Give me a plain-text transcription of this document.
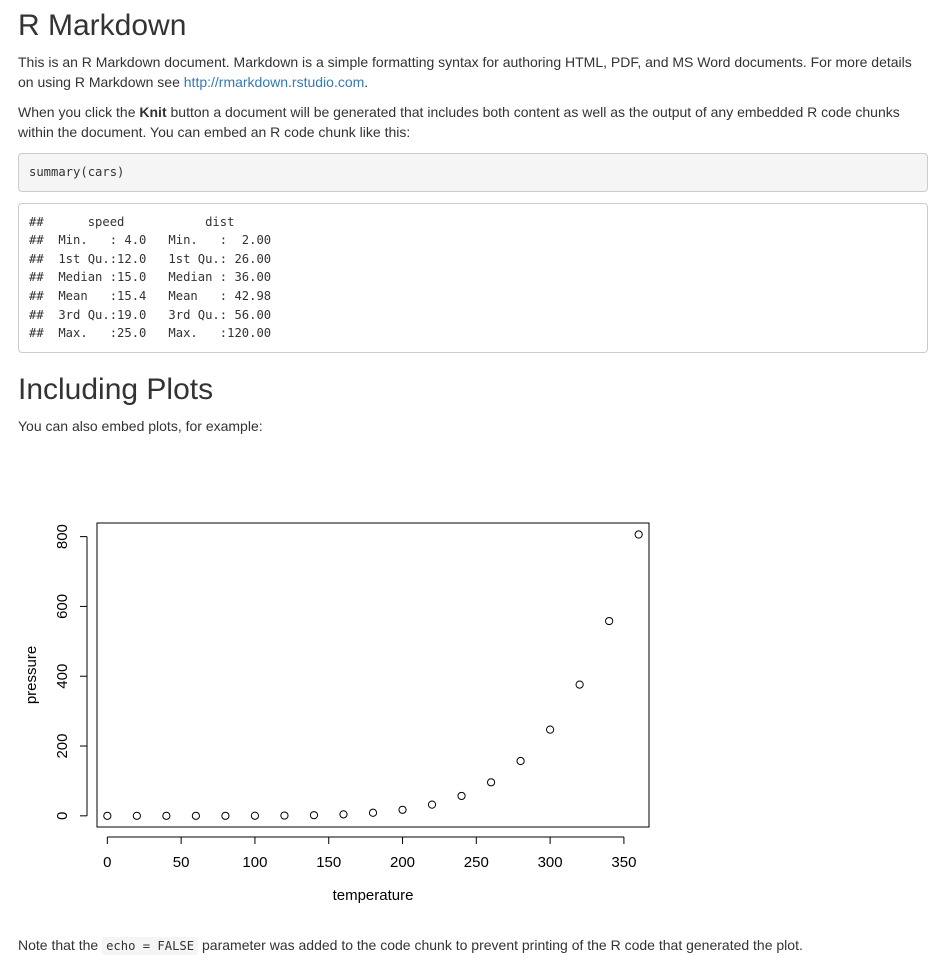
R Markdown

This is an R Markdown document. Markdown is a simple formatting syntax for authoring HTML, PDF, and MS Word documents. For more details on using R Markdown see http://rmarkdown.rstudio.com.

When you click the Knit button a document will be generated that includes both content as well as the output of any embedded R code chunks within the document. You can embed an R code chunk like this:

summary(cars)
##      speed           dist
##  Min.   : 4.0   Min.   :  2.00
##  1st Qu.:12.0   1st Qu.: 26.00
##  Median :15.0   Median : 36.00
##  Mean   :15.4   Mean   : 42.98
##  3rd Qu.:19.0   3rd Qu.: 56.00
##  Max.   :25.0   Max.   :120.00
Including Plots

You can also embed plots, for example:

0	50	100	150	200	250	300	350
0
200
400
600
800
temperature
pressure

Note that the echo = FALSE parameter was added to the code chunk to prevent printing of the R code that generated the plot.
